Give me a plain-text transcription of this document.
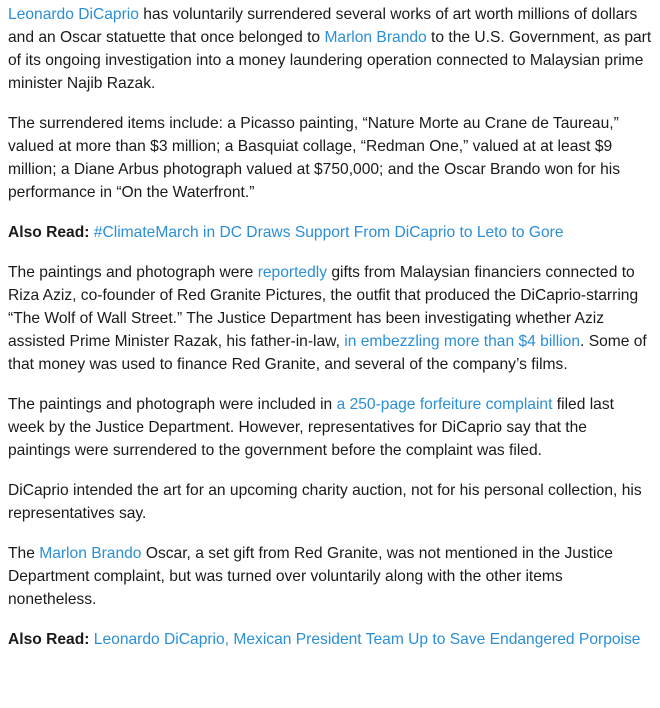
Leonardo DiCaprio has voluntarily surrendered several works of art worth millions of dollars and an Oscar statuette that once belonged to Marlon Brando to the U.S. Government, as part of its ongoing investigation into a money laundering operation connected to Malaysian prime minister Najib Razak.

The surrendered items include: a Picasso painting, “Nature Morte au Crane de Taureau,” valued at more than $3 million; a Basquiat collage, “Redman One,” valued at at least $9 million; a Diane Arbus photograph valued at $750,000; and the Oscar Brando won for his performance in “On the Waterfront.”

Also Read: #ClimateMarch in DC Draws Support From DiCaprio to Leto to Gore

The paintings and photograph were reportedly gifts from Malaysian financiers connected to Riza Aziz, co-founder of Red Granite Pictures, the outfit that produced the DiCaprio-starring “The Wolf of Wall Street.” The Justice Department has been investigating whether Aziz assisted Prime Minister Razak, his father-in-law, in embezzling more than $4 billion. Some of that money was used to finance Red Granite, and several of the company’s films.

The paintings and photograph were included in a 250-page forfeiture complaint filed last week by the Justice Department. However, representatives for DiCaprio say that the paintings were surrendered to the government before the complaint was filed.

DiCaprio intended the art for an upcoming charity auction, not for his personal collection, his representatives say.

The Marlon Brando Oscar, a set gift from Red Granite, was not mentioned in the Justice Department complaint, but was turned over voluntarily along with the other items nonetheless.

Also Read: Leonardo DiCaprio, Mexican President Team Up to Save Endangered Porpoise
